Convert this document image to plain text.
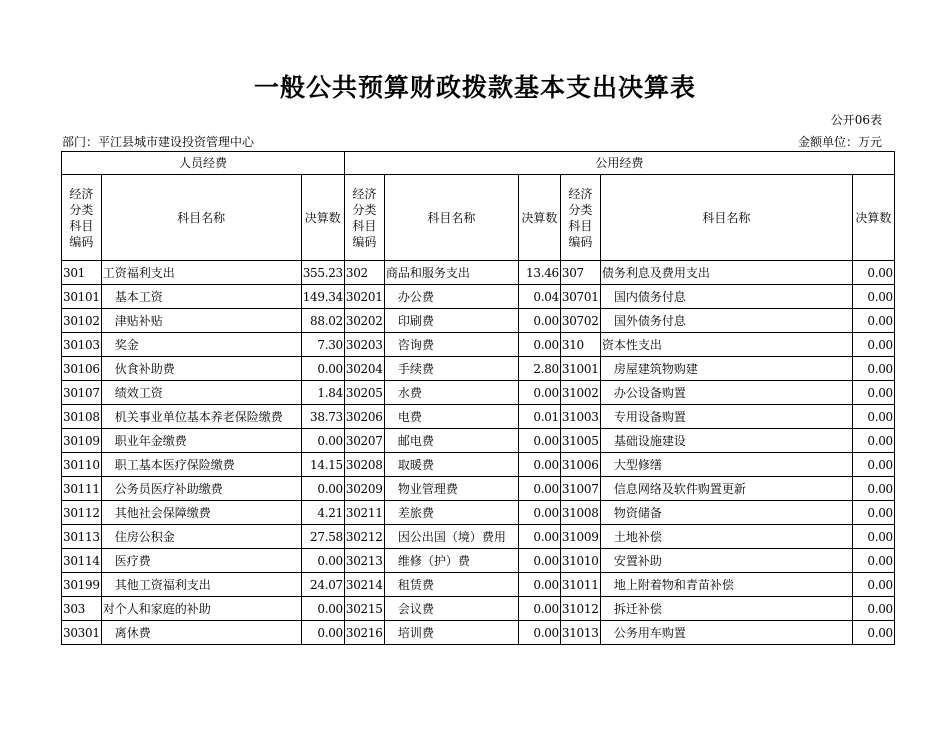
一般公共预算财政拨款基本支出决算表
公开06表
部门：平江县城市建设投资管理中心	金额单位：万元
人员经费			公用经费					
经济分类科目编码	科目名称	决算数	经济分类科目编码	科目名称	决算数	经济分类科目编码	科目名称	决算数
301	工资福利支出	355.23	302	商品和服务支出	13.46	307	债务利息及费用支出	0.00
30101	基本工资	149.34	30201	办公费	0.04	30701	国内债务付息	0.00
30102	津贴补贴	88.02	30202	印刷费	0.00	30702	国外债务付息	0.00
30103	奖金	7.30	30203	咨询费	0.00	310	资本性支出	0.00
30106	伙食补助费	0.00	30204	手续费	2.80	31001	房屋建筑物购建	0.00
30107	绩效工资	1.84	30205	水费	0.00	31002	办公设备购置	0.00
30108	机关事业单位基本养老保险缴费	38.73	30206	电费	0.01	31003	专用设备购置	0.00
30109	职业年金缴费	0.00	30207	邮电费	0.00	31005	基础设施建设	0.00
30110	职工基本医疗保险缴费	14.15	30208	取暖费	0.00	31006	大型修缮	0.00
30111	公务员医疗补助缴费	0.00	30209	物业管理费	0.00	31007	信息网络及软件购置更新	0.00
30112	其他社会保障缴费	4.21	30211	差旅费	0.00	31008	物资储备	0.00
30113	住房公积金	27.58	30212	因公出国（境）费用	0.00	31009	土地补偿	0.00
30114	医疗费	0.00	30213	维修（护）费	0.00	31010	安置补助	0.00
30199	其他工资福利支出	24.07	30214	租赁费	0.00	31011	地上附着物和青苗补偿	0.00
303	对个人和家庭的补助	0.00	30215	会议费	0.00	31012	拆迁补偿	0.00
30301	离休费	0.00	30216	培训费	0.00	31013	公务用车购置	0.00
